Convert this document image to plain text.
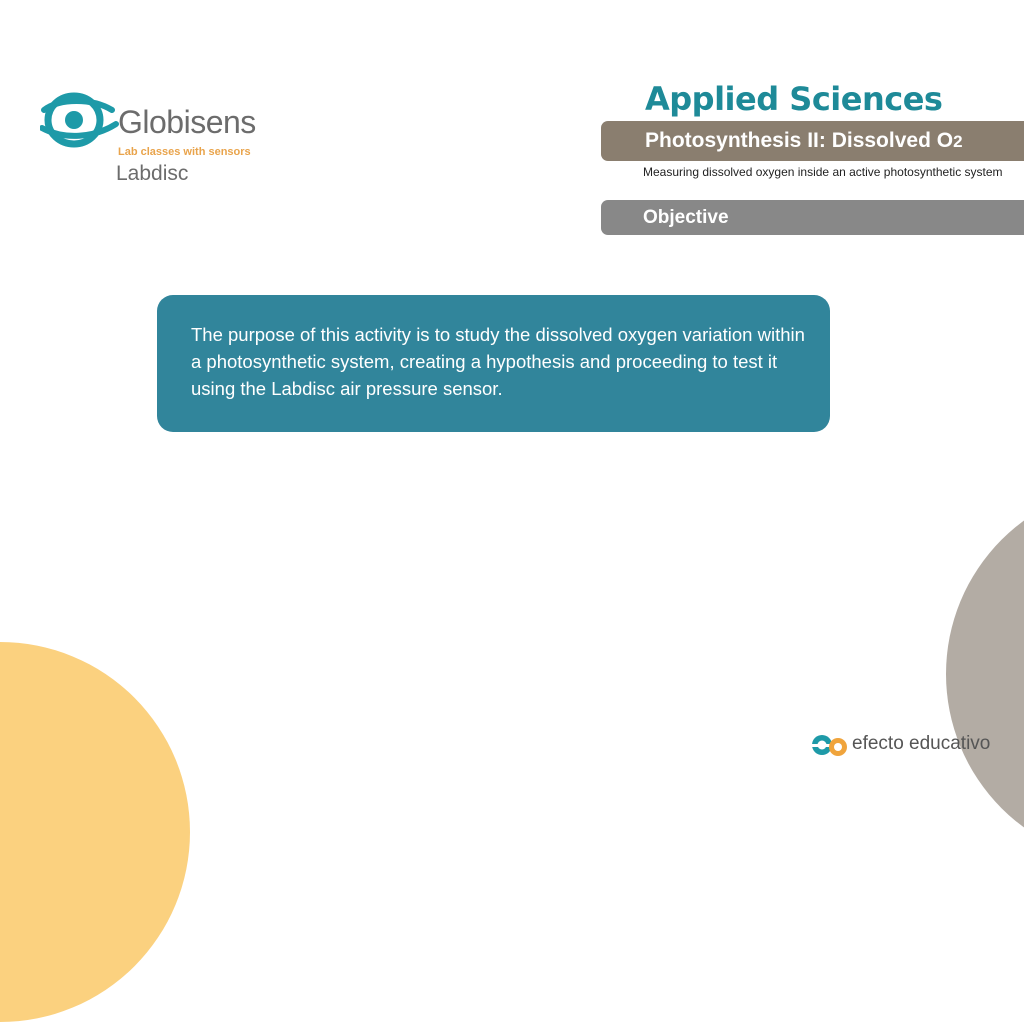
Globisens
Lab classes with sensors
Labdisc
Applied Sciences
Photosynthesis II: Dissolved O2
Measuring dissolved oxygen inside an active photosynthetic system
Objective
The purpose of this activity is to study the dissolved oxygen variation within a photosynthetic system, creating a hypothesis and proceeding to test it using the Labdisc air pressure sensor.
efecto educativo
